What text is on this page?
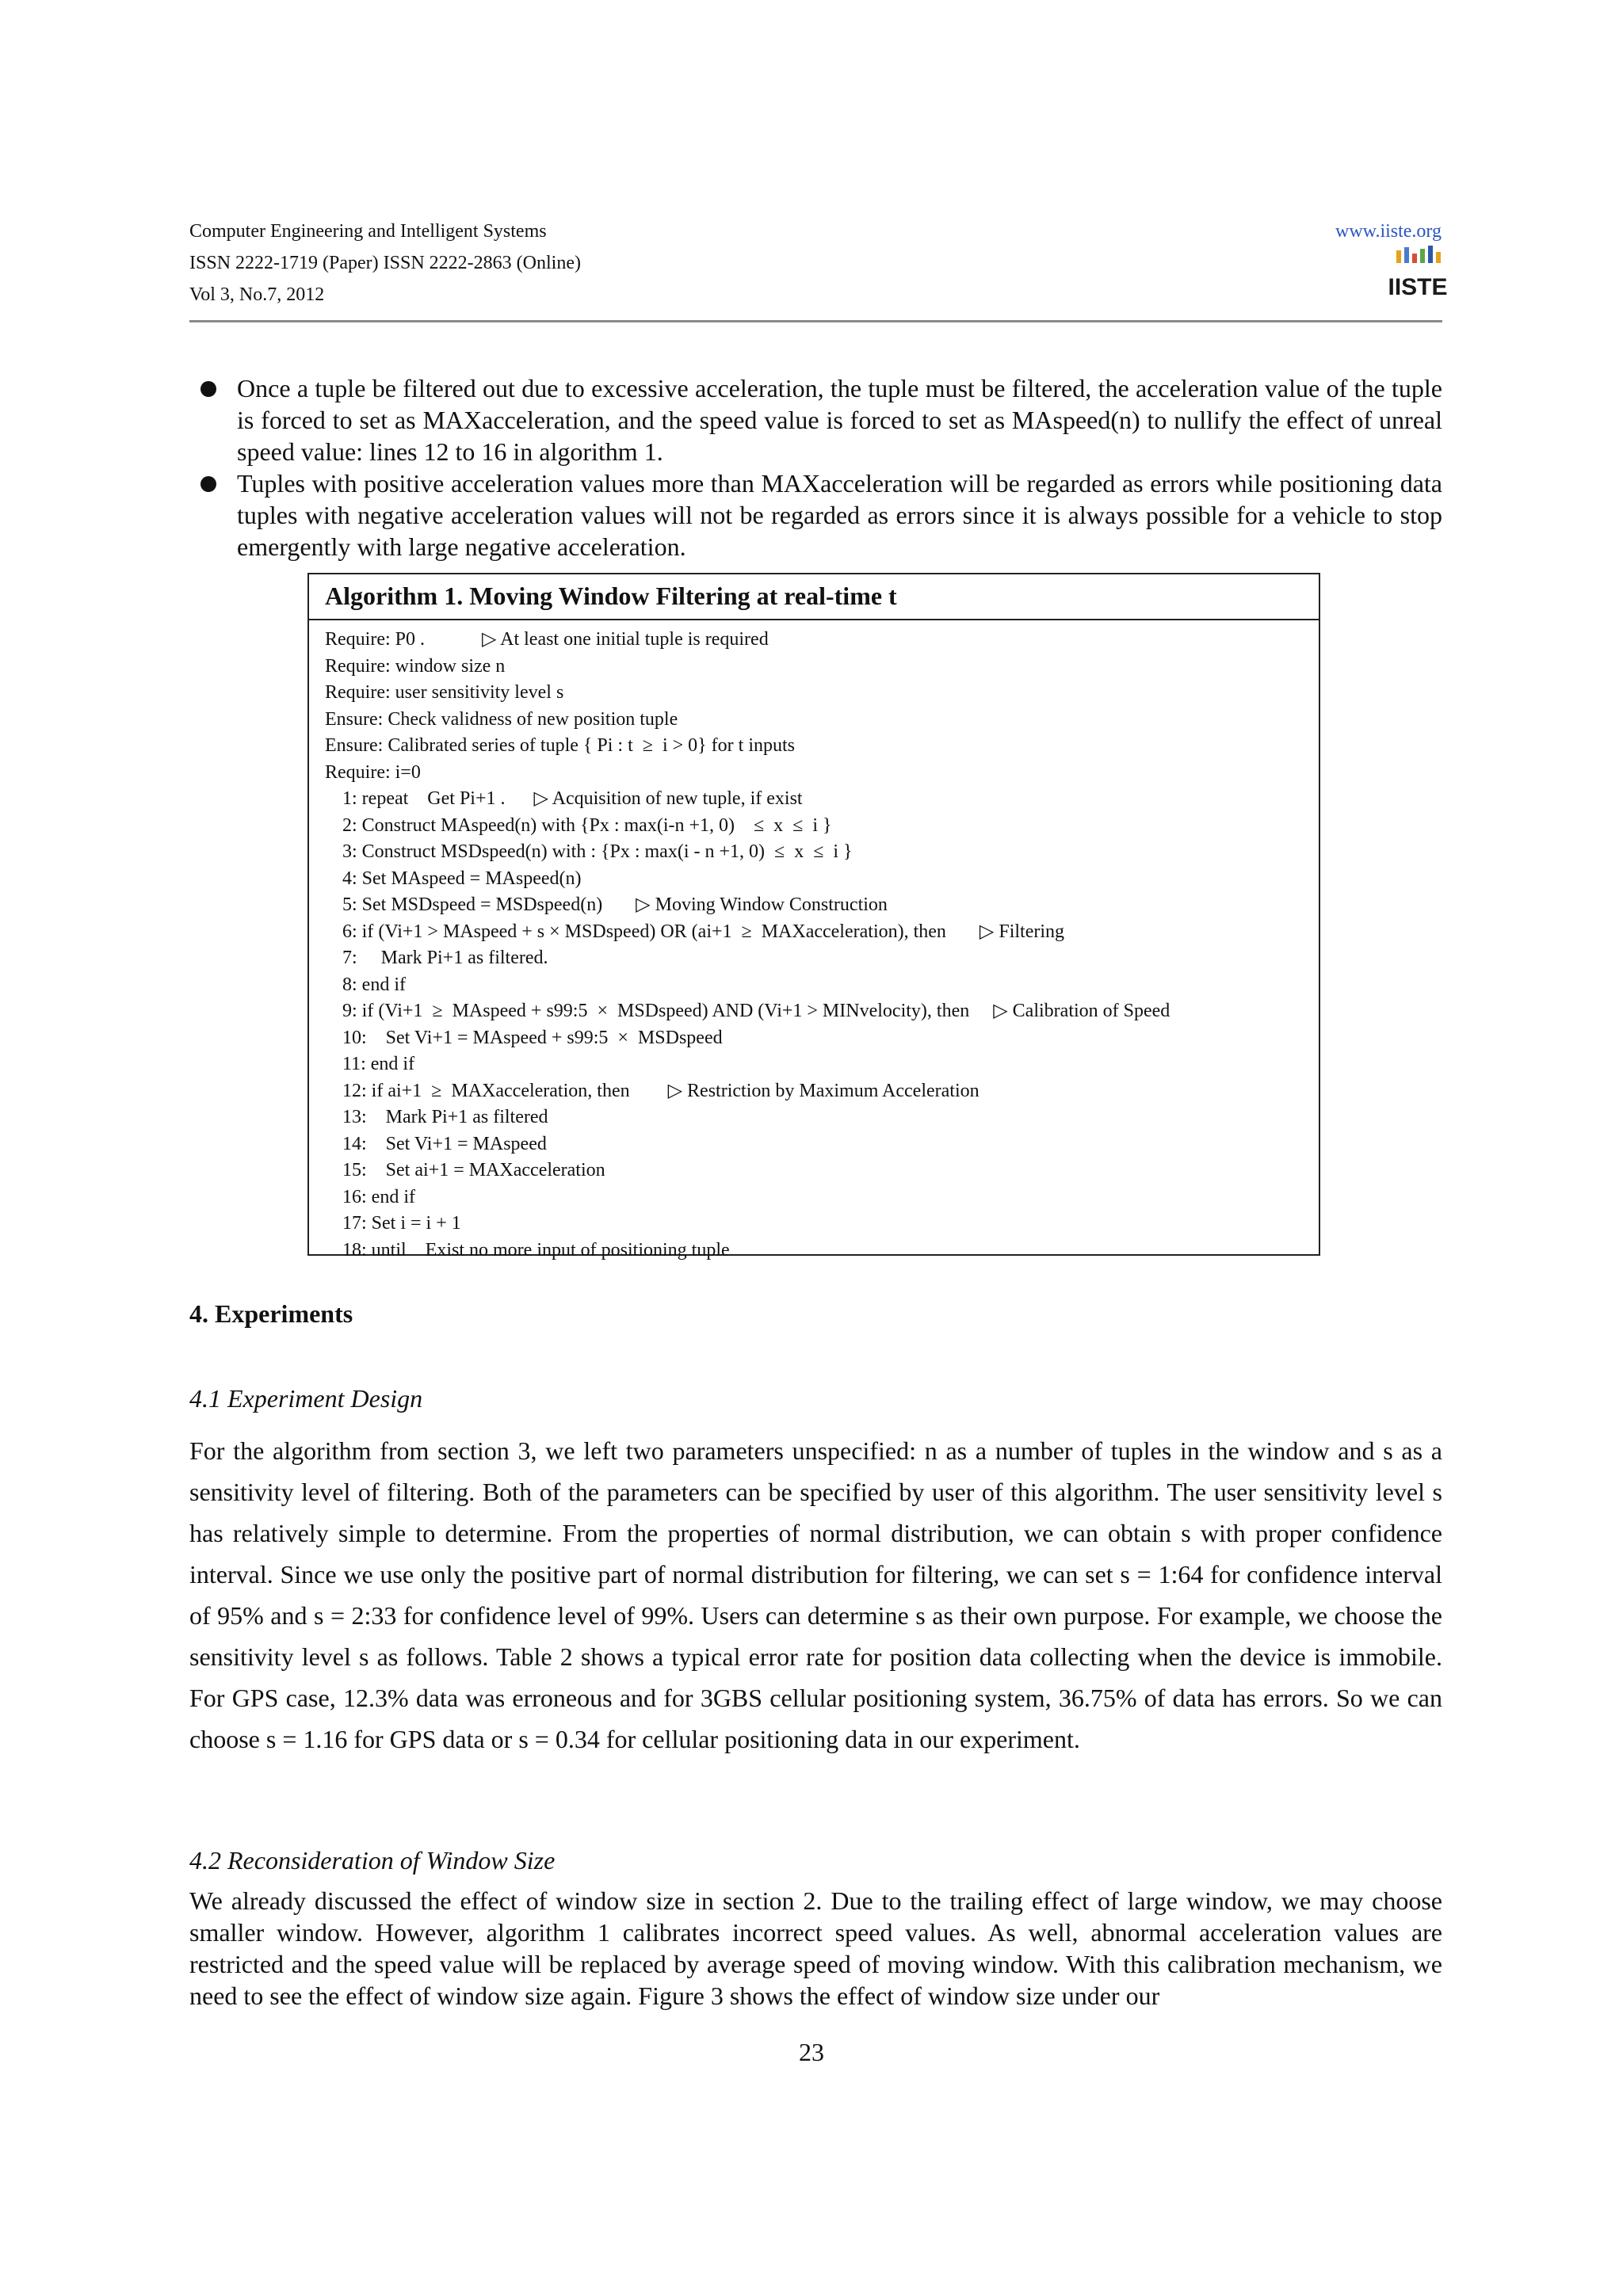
Computer Engineering and Intelligent Systems
ISSN 2222-1719 (Paper) ISSN 2222-2863 (Online)
Vol 3, No.7, 2012
www.iiste.org
IISTE
Once a tuple be filtered out due to excessive acceleration, the tuple must be filtered, the acceleration value of the tuple is forced to set as MAXacceleration, and the speed value is forced to set as MAspeed(n) to nullify the effect of unreal speed value: lines 12 to 16 in algorithm 1.
Tuples with positive acceleration values more than MAXacceleration will be regarded as errors while positioning data tuples with negative acceleration values will not be regarded as errors since it is always possible for a vehicle to stop emergently with large negative acceleration.
Algorithm 1. Moving Window Filtering at real-time t
Require: P0 .            ▷ At least one initial tuple is required
Require: window size n
Require: user sensitivity level s
Ensure: Check validness of new position tuple
Ensure: Calibrated series of tuple { Pi : t  ≥  i > 0} for t inputs
Require: i=0
1: repeat    Get Pi+1 .      ▷ Acquisition of new tuple, if exist
2: Construct MAspeed(n) with {Px : max(i-n +1, 0)    ≤  x  ≤  i }
3: Construct MSDspeed(n) with : {Px : max(i - n +1, 0)  ≤  x  ≤  i }
4: Set MAspeed = MAspeed(n)
5: Set MSDspeed = MSDspeed(n)       ▷ Moving Window Construction
6: if (Vi+1 > MAspeed + s × MSDspeed) OR (ai+1  ≥  MAXacceleration), then       ▷ Filtering
7:     Mark Pi+1 as filtered.
8: end if
9: if (Vi+1  ≥  MAspeed + s99:5  ×  MSDspeed) AND (Vi+1 > MINvelocity), then     ▷ Calibration of Speed
10:    Set Vi+1 = MAspeed + s99:5  ×  MSDspeed
11: end if
12: if ai+1  ≥  MAXacceleration, then        ▷ Restriction by Maximum Acceleration
13:    Mark Pi+1 as filtered
14:    Set Vi+1 = MAspeed
15:    Set ai+1 = MAXacceleration
16: end if
17: Set i = i + 1
18: until    Exist no more input of positioning tuple
4. Experiments
4.1 Experiment Design
For the algorithm from section 3, we left two parameters unspecified: n as a number of tuples in the window and s as a sensitivity level of filtering. Both of the parameters can be specified by user of this algorithm. The user sensitivity level s has relatively simple to determine. From the properties of normal distribution, we can obtain s with proper confidence interval. Since we use only the positive part of normal distribution for filtering, we can set s = 1:64 for confidence interval of 95% and s = 2:33 for confidence level of 99%. Users can determine s as their own purpose. For example, we choose the sensitivity level s as follows. Table 2 shows a typical error rate for position data collecting when the device is immobile. For GPS case, 12.3% data was erroneous and for 3GBS cellular positioning system, 36.75% of data has errors. So we can choose s = 1.16 for GPS data or s = 0.34 for cellular positioning data in our experiment.
4.2 Reconsideration of Window Size
We already discussed the effect of window size in section 2. Due to the trailing effect of large window, we may choose smaller window. However, algorithm 1 calibrates incorrect speed values. As well, abnormal acceleration values are restricted and the speed value will be replaced by average speed of moving window. With this calibration mechanism, we need to see the effect of window size again. Figure 3 shows the effect of window size under our
23
